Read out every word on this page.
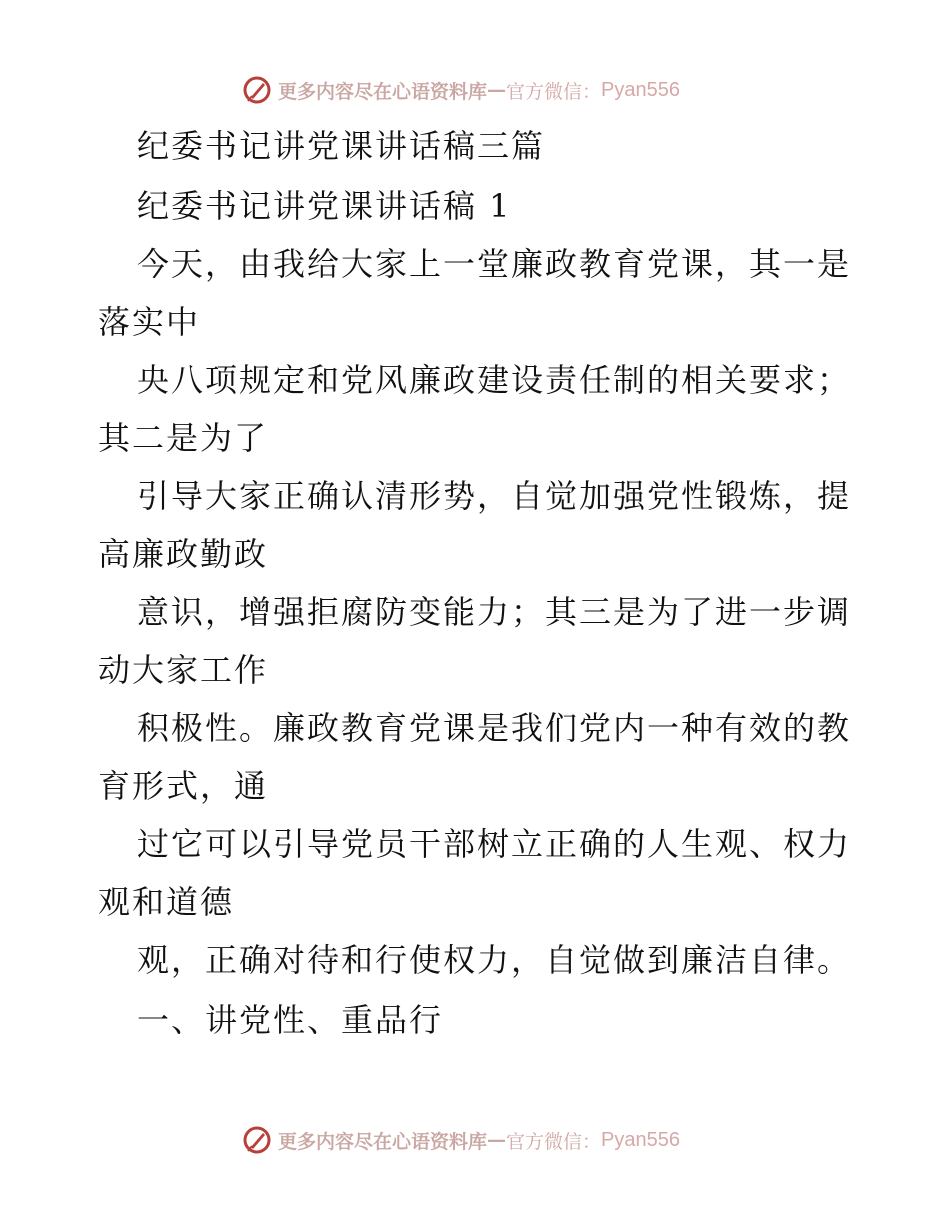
更多内容尽在心语资料库 — 官方微信： Pyan556
纪委书记讲党课讲话稿三篇
纪委书记讲党课讲话稿 1
今天，由我给大家上一堂廉政教育党课，其一是
落实中
央八项规定和党风廉政建设责任制的相关要求；
其二是为了
引导大家正确认清形势，自觉加强党性锻炼，提
高廉政勤政
意识，增强拒腐防变能力；其三是为了进一步调
动大家工作
积极性。廉政教育党课是我们党内一种有效的教
育形式，通
过它可以引导党员干部树立正确的人生观、权力
观和道德
观，正确对待和行使权力，自觉做到廉洁自律。
一、讲党性、重品行
更多内容尽在心语资料库 — 官方微信： Pyan556
